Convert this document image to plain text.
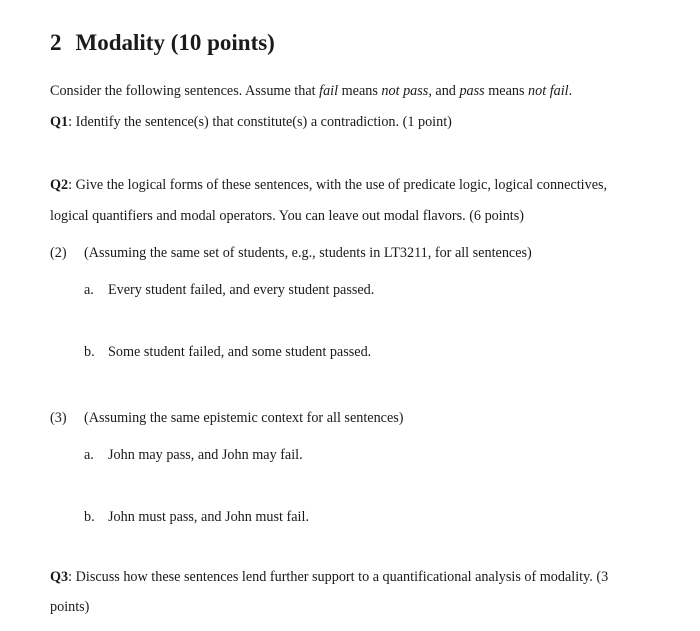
2 Modality (10 points)
Consider the following sentences. Assume that fail means not pass, and pass means not fail.
Q1: Identify the sentence(s) that constitute(s) a contradiction. (1 point)
Q2: Give the logical forms of these sentences, with the use of predicate logic, logical connectives,
logical quantifiers and modal operators. You can leave out modal flavors. (6 points)
(2) (Assuming the same set of students, e.g., students in LT3211, for all sentences)
a. Every student failed, and every student passed.
b. Some student failed, and some student passed.
(3) (Assuming the same epistemic context for all sentences)
a. John may pass, and John may fail.
b. John must pass, and John must fail.
Q3: Discuss how these sentences lend further support to a quantificational analysis of modality. (3
points)
